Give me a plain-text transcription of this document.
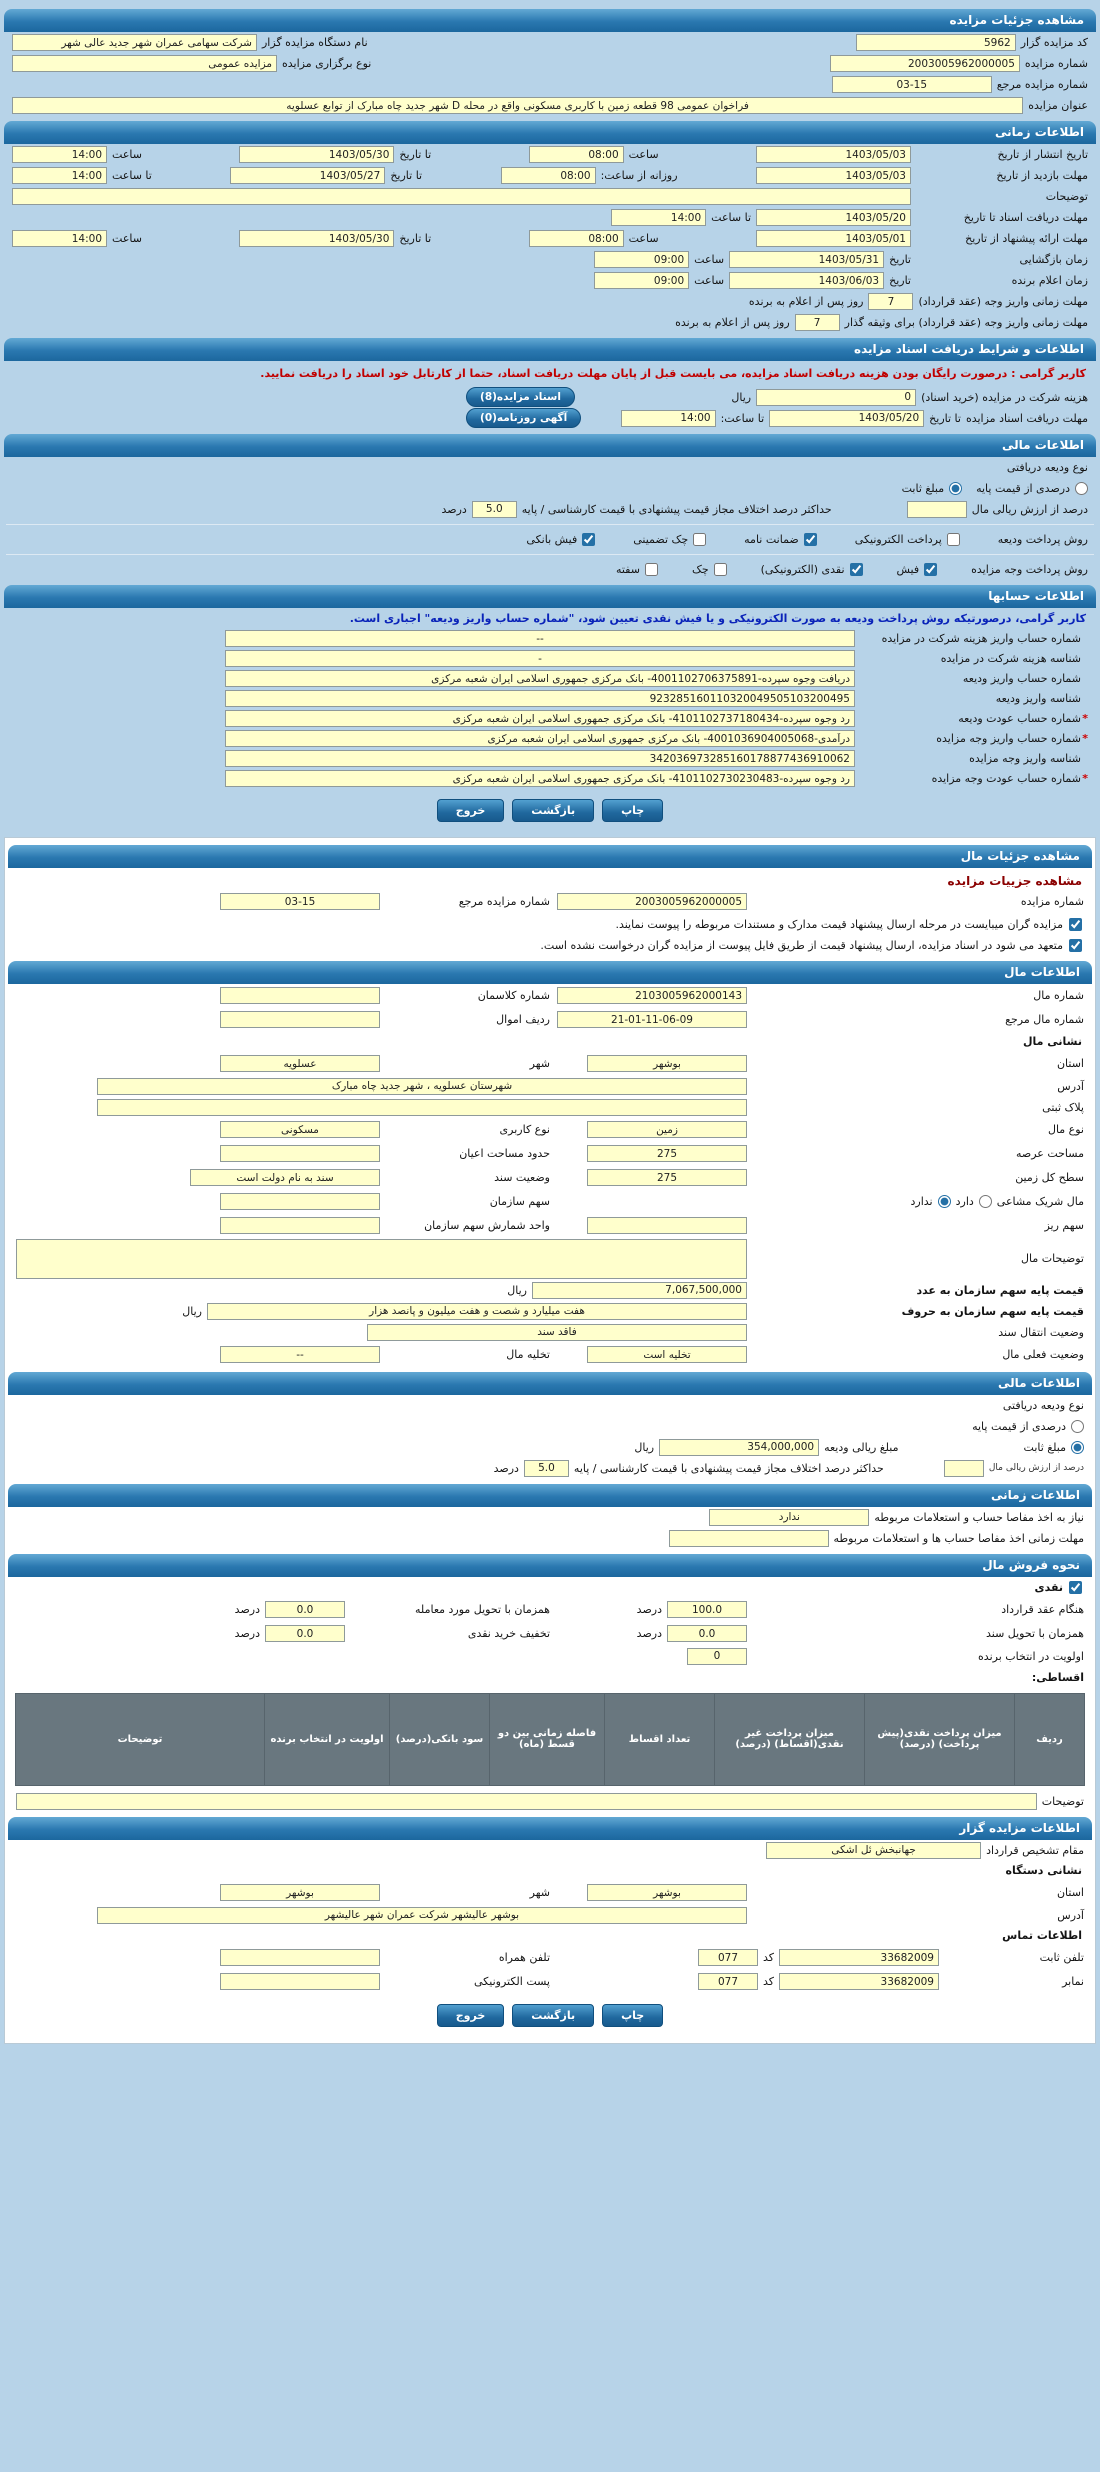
مشاهده جزئیات مزایده
کد مزایده گزار
5962
نام دستگاه مزایده گزار
شرکت سهامی عمران شهر جدید عالی شهر
شماره مزایده
2003005962000005
نوع برگزاری مزایده
مزایده عمومی
شماره مزایده مرجع
03-15
عنوان مزایده
فراخوان عمومی 98 قطعه زمین با کاربری مسکونی واقع در محله D شهر جدید چاه مبارک از توابع عسلویه
اطلاعات زمانی
تاریخ انتشار از تاریخ
1403/05/03
ساعت
08:00
تا تاریخ
1403/05/30
ساعت
14:00
مهلت بازدید از تاریخ
1403/05/03
روزانه از ساعت:
08:00
تا تاریخ
1403/05/27
تا ساعت
14:00
توضیحات
مهلت دریافت اسناد تا تاریخ
1403/05/20
تا ساعت
14:00
مهلت ارائه پیشنهاد از تاریخ
1403/05/01
ساعت
08:00
تا تاریخ
1403/05/30
ساعت
14:00
زمان بازگشایی
تاریخ
1403/05/31
ساعت
09:00
زمان اعلام برنده
تاریخ
1403/06/03
ساعت
09:00
مهلت زمانی واریز وجه (عقد قرارداد)
7
روز پس از اعلام به برنده
مهلت زمانی واریز وجه (عقد قرارداد) برای وثیقه گذار
7
روز پس از اعلام به برنده
اطلاعات و شرایط دریافت اسناد مزایده
کاربر گرامی : درصورت رایگان بودن هزینه دریافت اسناد مزایده، می بایست قبل از پایان مهلت دریافت اسناد، حتما از کارتابل خود اسناد را دریافت نمایید.
هزینه شرکت در مزایده (خرید اسناد)
0
ریال
اسناد مزایده(8)
مهلت دریافت اسناد مزایده
تا تاریخ
1403/05/20
تا ساعت:
14:00
آگهی روزنامه(0)
اطلاعات مالی
نوع ودیعه دریافتی
درصدی از قیمت پایه
مبلغ ثابت
درصد از ارزش ریالی مال
حداکثر درصد اختلاف مجاز قیمت پیشنهادی با قیمت کارشناسی / پایه
5.0
درصد
روش پرداخت ودیعه
پرداخت الکترونیکی
ضمانت نامه
چک تضمینی
فیش بانکی
روش پرداخت وجه مزایده
فیش
نقدی (الکترونیکی)
چک
سفته
اطلاعات حسابها
کاربر گرامی، درصورتیکه روش پرداخت ودیعه به صورت الکترونیکی و یا فیش نقدی تعیین شود، "شماره حساب واریز ودیعه" اجباری است.
شماره حساب واریز هزینه شرکت در مزایده
--
شناسه هزینه شرکت در مزایده
-
شماره حساب واریز ودیعه
دریافت وجوه سپرده-4001102706375891- بانک مرکزی جمهوری اسلامی ایران شعبه مرکزی
شناسه واریز ودیعه
923285160110320049505103200495
*شماره حساب عودت ودیعه
رد وجوه سپرده-4101102737180434- بانک مرکزی جمهوری اسلامی ایران شعبه مرکزی
*شماره حساب واریز وجه مزایده
درآمدی-4001036904005068- بانک مرکزی جمهوری اسلامی ایران شعبه مرکزی
شناسه واریز وجه مزایده
342036973285160178877436910062
*شماره حساب عودت وجه مزایده
رد وجوه سپرده-4101102730230483- بانک مرکزی جمهوری اسلامی ایران شعبه مرکزی
چاپ
بازگشت
خروج
مشاهده جزئیات مال
مشاهده جزییات مزایده
شماره مزایده
2003005962000005
شماره مزایده مرجع
03-15
مزایده گران میبایست در مرحله ارسال پیشنهاد قیمت مدارک و مستندات مربوطه را پیوست نمایند.
متعهد می شود در اسناد مزایده، ارسال پیشنهاد قیمت از طریق فایل پیوست از مزایده گران درخواست نشده است.
اطلاعات مال
شماره مال
2103005962000143
شماره کلاسمان
شماره مال مرجع
21-01-11-06-09
ردیف اموال
نشانی مال
استان
بوشهر
شهر
عسلویه
آدرس
شهرستان عسلویه ، شهر جدید چاه مبارک
پلاک ثبتی
نوع مال
زمین
نوع کاربری
مسکونی
مساحت عرصه
275
حدود مساحت اعیان
سطح کل زمین
275
وضعیت سند
سند به نام دولت است
مال شریک مشاعی
دارد
ندارد
سهم سازمان
سهم ریز
واحد شمارش سهم سازمان
توضیحات مال
قیمت پایه سهم سازمان به عدد
7,067,500,000
ریال
قیمت پایه سهم سازمان به حروف
هفت میلیارد و شصت و هفت میلیون و پانصد هزار
ریال
وضعیت انتقال سند
فاقد سند
وضعیت فعلی مال
تخلیه است
تخلیه مال
--
اطلاعات مالی
نوع ودیعه دریافتی
درصدی از قیمت پایه
مبلغ ثابت
مبلغ ریالی ودیعه
354,000,000
ریال
درصد از ارزش ریالی مال
حداکثر درصد اختلاف مجاز قیمت پیشنهادی با قیمت کارشناسی / پایه
5.0
درصد
اطلاعات زمانی
نیاز به اخذ مفاصا حساب و استعلامات مربوطه
ندارد
مهلت زمانی اخذ مفاصا حساب ها و استعلامات مربوطه
نحوه فروش مال
نقدی
هنگام عقد قرارداد
100.0
درصد
همزمان با تحویل مورد معامله
0.0
درصد
همزمان با تحویل سند
0.0
درصد
تخفیف خرید نقدی
0.0
درصد
اولویت در انتخاب برنده
0
اقساطی:
ردیف	میزان پرداخت نقدی(پیش پرداخت) (درصد)	میزان پرداخت غیر نقدی(اقساط) (درصد)	تعداد اقساط	فاصله زمانی بین دو قسط (ماه)	سود بانکی(درصد)	اولویت در انتخاب برنده	توضیحات
توضیحات
اطلاعات مزایده گزار
مقام تشخیص قرارداد
جهانبخش ئل اشکی
نشانی دستگاه
استان
بوشهر
شهر
بوشهر
آدرس
بوشهر عالیشهر شرکت عمران شهر عالیشهر
اطلاعات تماس
تلفن ثابت
33682009
کد
077
تلفن همراه
نمابر
33682009
کد
077
پست الکترونیکی
چاپ
بازگشت
خروج
